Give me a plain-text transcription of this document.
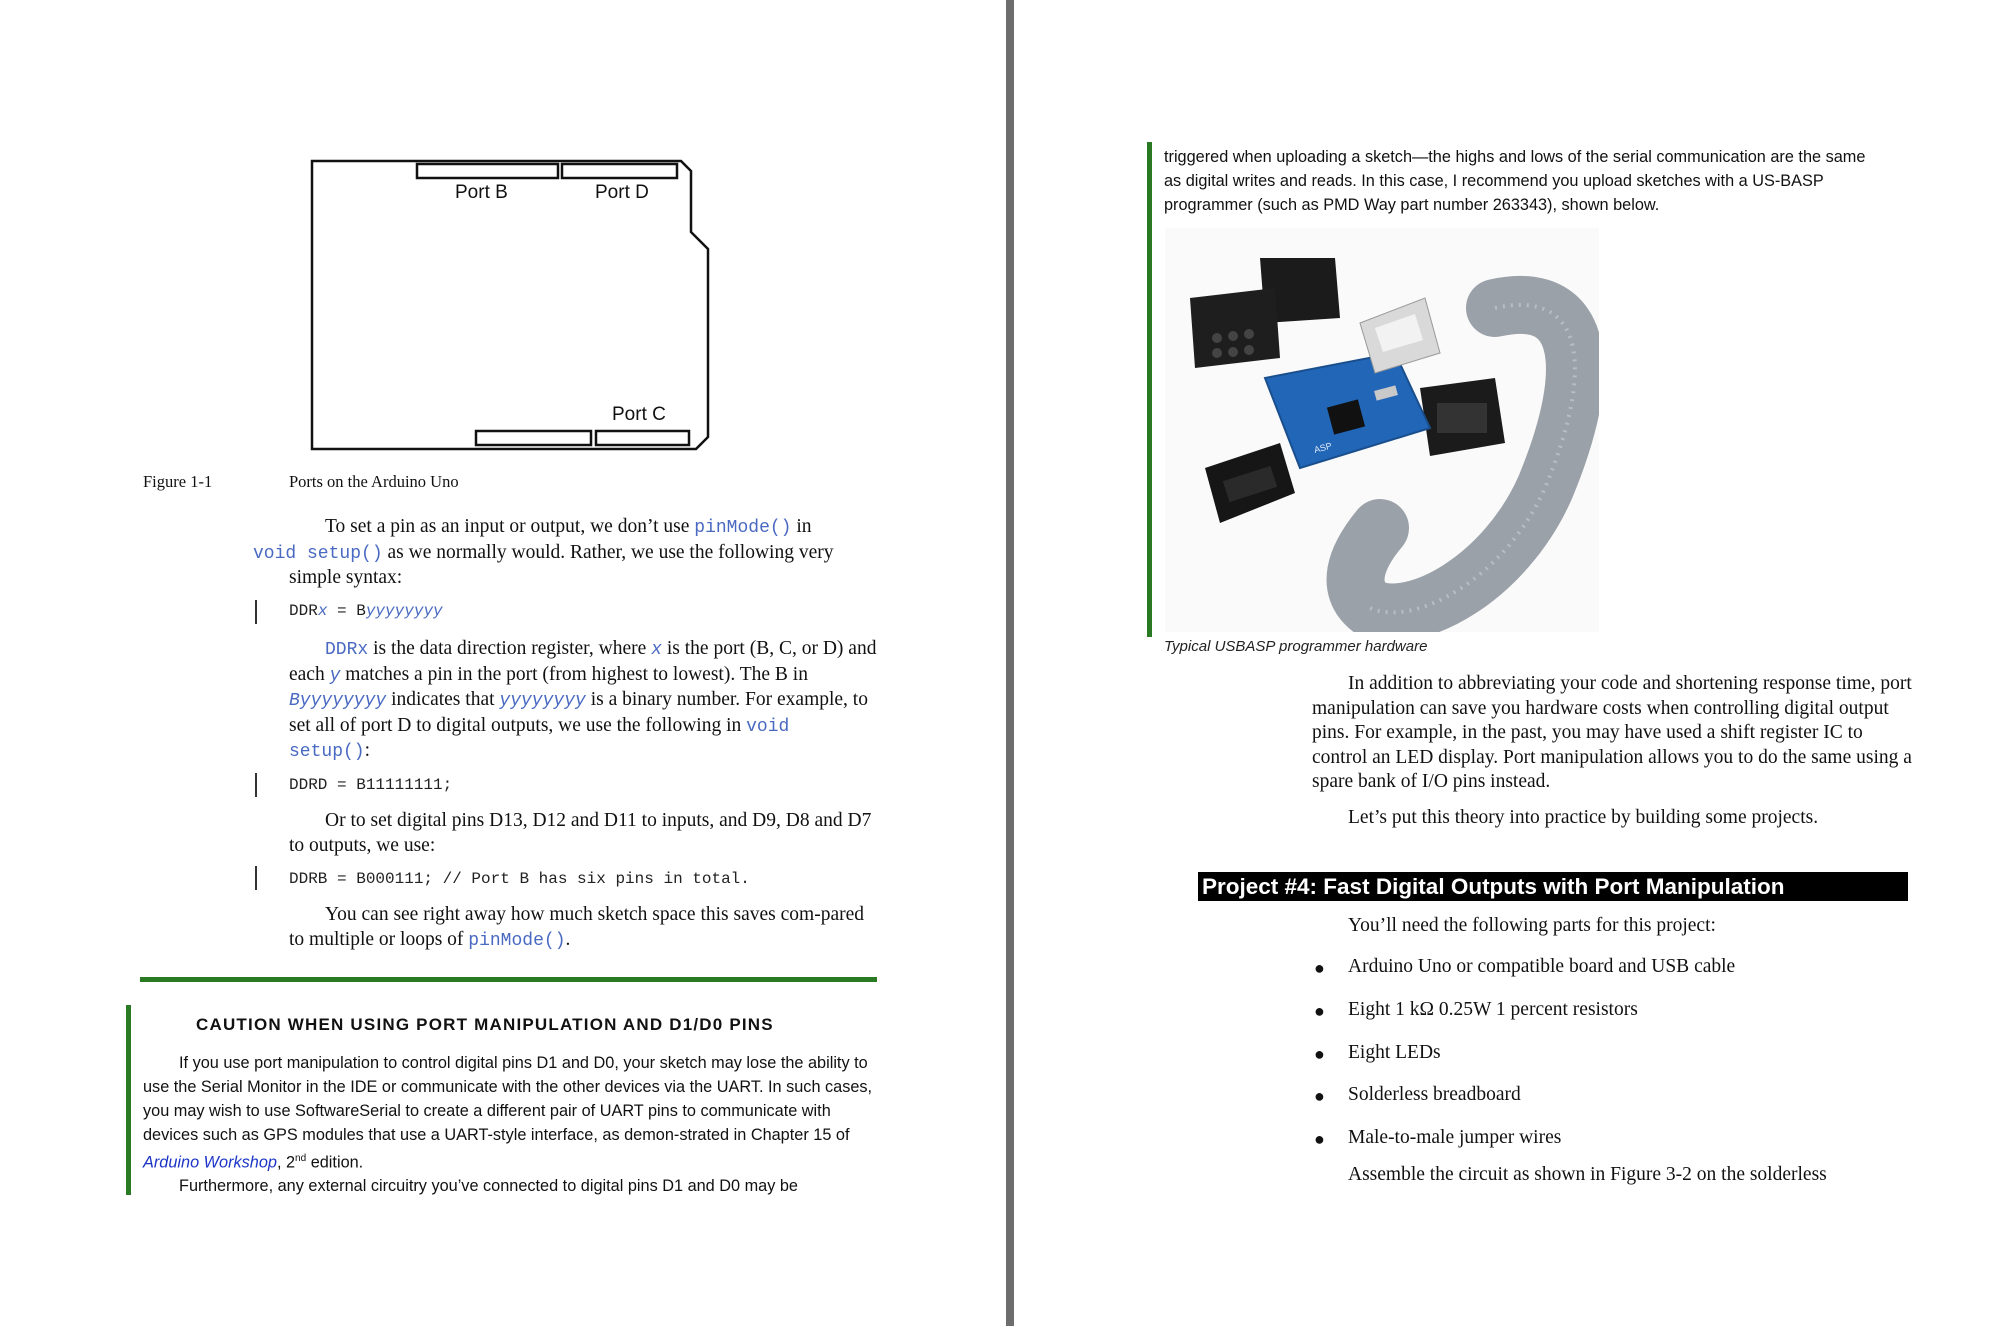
Port B	Port D
Port C
Figure 1-1	Ports on the Arduino Uno
To set a pin as an input or output, we don’t use pinMode() in
void setup() as we normally would. Rather, we use the following very simple syntax:
DDRx = Byyyyyyyy
DDRx is the data direction register, where x is the port (B, C, or D) and each y matches a pin in the port (from highest to lowest). The B in Byyyyyyyy indicates that yyyyyyyy is a binary number. For example, to set all of port D to digital outputs, we use the following in void setup():
DDRD = B11111111;
Or to set digital pins D13, D12 and D11 to inputs, and D9, D8 and D7 to outputs, we use:
DDRB = B000111; // Port B has six pins in total.
You can see right away how much sketch space this saves com-pared to multiple or loops of pinMode().
CAUTION WHEN USING PORT MANIPULATION AND D1/D0 PINS
If you use port manipulation to control digital pins D1 and D0, your sketch may lose the ability to use the Serial Monitor in the IDE or communicate with the other devices via the UART. In such cases, you may wish to use SoftwareSerial to create a different pair of UART pins to communicate with devices such as GPS modules that use a UART-style interface, as demon-strated in Chapter 15 of Arduino Workshop, 2nd edition.
Furthermore, any external circuitry you’ve connected to digital pins D1 and D0 may be
triggered when uploading a sketch—the highs and lows of the serial communication are the same as digital writes and reads. In this case, I recommend you upload sketches with a US-BASP programmer (such as PMD Way part number 263343), shown below.
ASP
Typical USBASP programmer hardware
In addition to abbreviating your code and shortening response time, port manipulation can save you hardware costs when controlling digital output pins. For example, in the past, you may have used a shift register IC to control an LED display. Port manipulation allows you to do the same using a spare bank of I/O pins instead.
Let’s put this theory into practice by building some projects.
Project #4: Fast Digital Outputs with Port Manipulation
You’ll need the following parts for this project:
● Arduino Uno or compatible board and USB cable
● Eight 1 kΩ 0.25W 1 percent resistors
● Eight LEDs
● Solderless breadboard
● Male-to-male jumper wires
Assemble the circuit as shown in Figure 3-2 on the solderless
